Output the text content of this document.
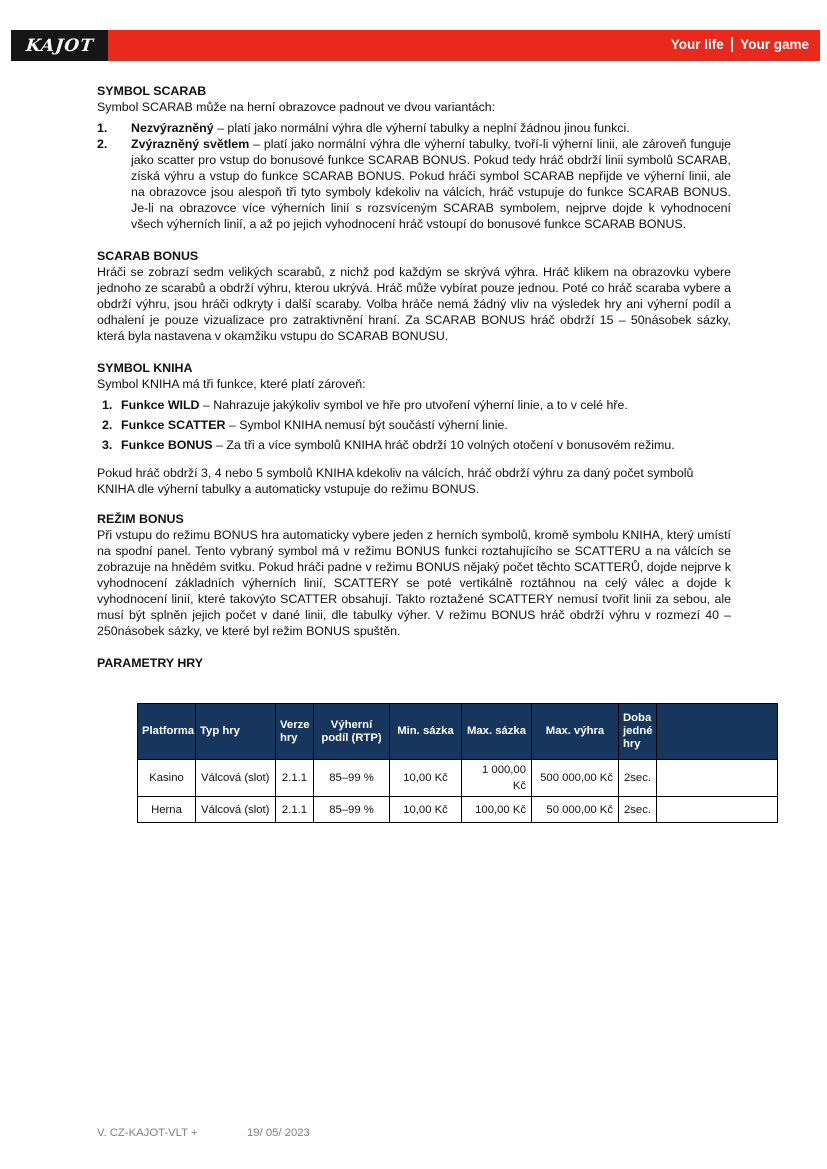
KAJOT	Your life Your game

SYMBOL SCARAB

Symbol SCARAB může na herní obrazovce padnout ve dvou variantách:

1.	Nezvýrazněný – platí jako normální výhra dle výherní tabulky a neplní žádnou jinou funkci.
2.	Zvýrazněný světlem – platí jako normální výhra dle výherní tabulky, tvoří-li výherní linii, ale zároveň funguje jako scatter pro vstup do bonusové funkce SCARAB BONUS. Pokud tedy hráč obdrží linii symbolů SCARAB, získá výhru a vstup do funkce SCARAB BONUS. Pokud hráči symbol SCARAB nepřijde ve výherní linii, ale na obrazovce jsou alespoň tři tyto symboly kdekoliv na válcích, hráč vstupuje do funkce SCARAB BONUS. Je-li na obrazovce více výherních linií s rozsvíceným SCARAB symbolem, nejprve dojde k vyhodnocení všech výherních linií, a až po jejich vyhodnocení hráč vstoupí do bonusové funkce SCARAB BONUS.

SCARAB BONUS

Hráči se zobrazí sedm velikých scarabů, z nichž pod každým se skrývá výhra. Hráč klikem na obrazovku vybere jednoho ze scarabů a obdrží výhru, kterou ukrývá. Hráč může vybírat pouze jednou. Poté co hráč scaraba vybere a obdrží výhru, jsou hráči odkryty i další scaraby. Volba hráče nemá žádný vliv na výsledek hry ani výherní podíl a odhalení je pouze vizualizace pro zatraktivnění hraní. Za SCARAB BONUS hráč obdrží 15 – 50násobek sázky, která byla nastavena v okamžiku vstupu do SCARAB BONUSU.

SYMBOL KNIHA

Symbol KNIHA má tři funkce, které platí zároveň:

1. Funkce WILD – Nahrazuje jakýkoliv symbol ve hře pro utvoření výherní linie, a to v celé hře.
2. Funkce SCATTER – Symbol KNIHA nemusí být součástí výherní linie.
3. Funkce BONUS – Za tři a více symbolů KNIHA hráč obdrží 10 volných otočení v bonusovém režimu.

Pokud hráč obdrží 3, 4 nebo 5 symbolů KNIHA kdekoliv na válcích, hráč obdrží výhru za daný počet symbolů KNIHA dle výherní tabulky a automaticky vstupuje do režimu BONUS.

REŽIM BONUS

Při vstupu do režimu BONUS hra automaticky vybere jeden z herních symbolů, kromě symbolu KNIHA, který umístí na spodní panel. Tento vybraný symbol má v režimu BONUS funkci roztahujícího se SCATTERU a na válcích se zobrazuje na hnědém svitku. Pokud hráči padne v režimu BONUS nějaký počet těchto SCATTERŮ, dojde nejprve k vyhodnocení základních výherních linií, SCATTERY se poté vertikálně roztáhnou na celý válec a dojde k vyhodnocení linií, které takovýto SCATTER obsahují. Takto roztažené SCATTERY nemusí tvořit linii za sebou, ale musí být splněn jejich počet v dané linii, dle tabulky výher. V režimu BONUS hráč obdrží výhru v rozmezí 40 – 250násobek sázky, ve které byl režim BONUS spuštěn.

PARAMETRY HRY

Platforma	Typ hry	Verze hry	Výherní podíl (RTP)	Min. sázka	Max. sázka	Max. výhra	Doba jedné hry	
Kasino	Válcová (slot)	2.1.1	85–99 %	10,00 Kč	1 000,00 Kč	500 000,00 Kč	2sec.	
Herna	Válcová (slot)	2.1.1	85–99 %	10,00 Kč	100,00 Kč	50 000,00 Kč	2sec.	
V. CZ-KAJOT-VLT +	19/ 05/ 2023
